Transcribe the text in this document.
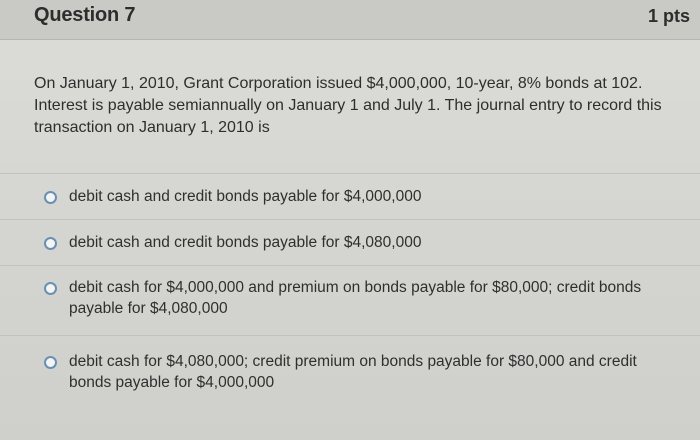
Question 7	1 pts
On January 1, 2010, Grant Corporation issued $4,000,000, 10-year, 8% bonds at 102. Interest is payable semiannually on January 1 and July 1. The journal entry to record this transaction on January 1, 2010 is
debit cash and credit bonds payable for $4,000,000
debit cash and credit bonds payable for $4,080,000
debit cash for $4,000,000 and premium on bonds payable for $80,000; credit bonds payable for $4,080,000
debit cash for $4,080,000; credit premium on bonds payable for $80,000 and credit bonds payable for $4,000,000
